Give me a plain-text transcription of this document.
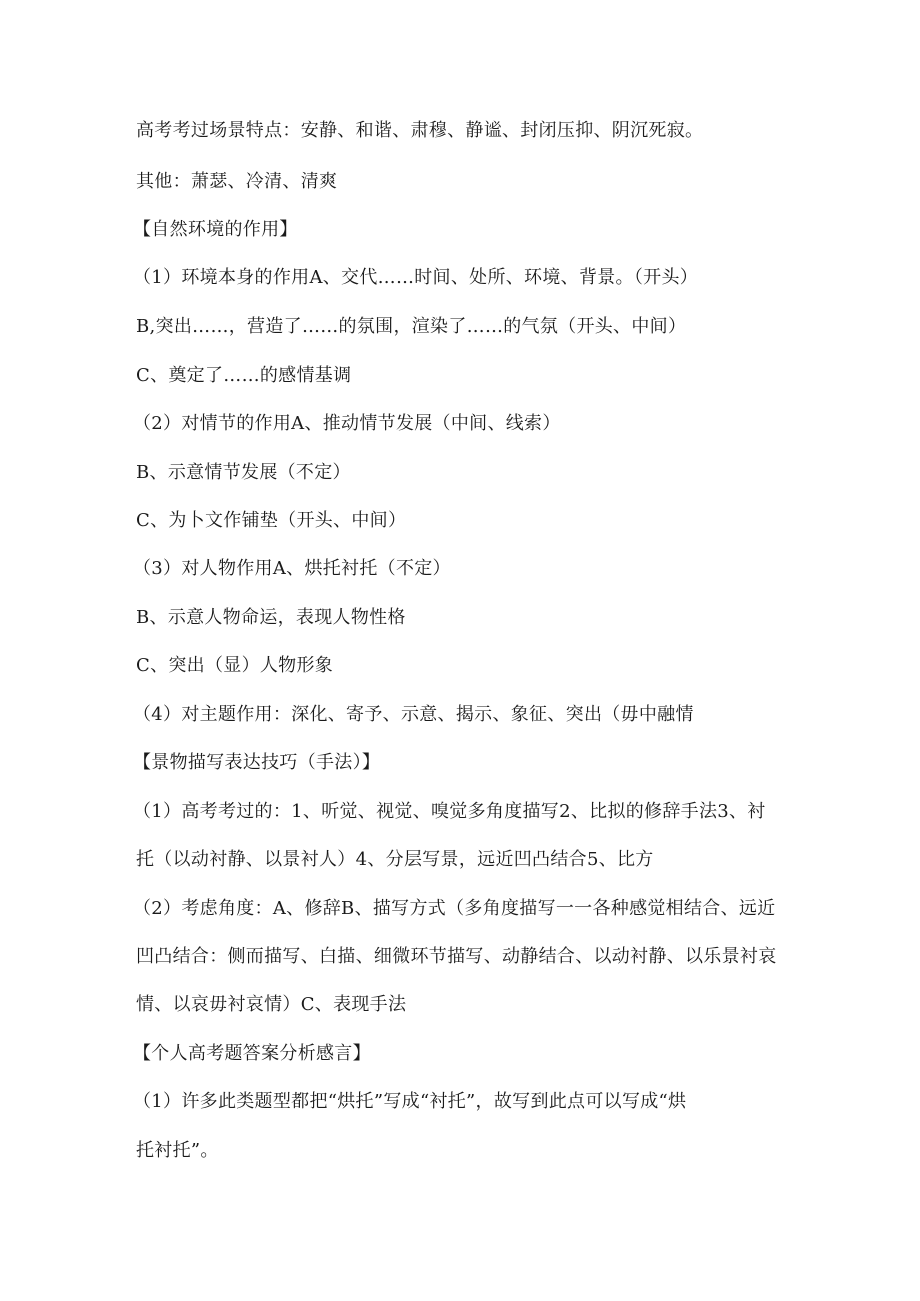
高考考过场景特点：安静、和谐、肃穆、静谧、封闭压抑、阴沉死寂。
其他：萧瑟、冷清、清爽
【自然环境的作用】
（1）环境本身的作用A、交代……时间、处所、环境、背景。（开头）
B,突出……，营造了……的氛围，渲染了……的气氛（开头、中间）
C、奠定了……的感情基调
（2）对情节的作用A、推动情节发展（中间、线索）
B、示意情节发展（不定）
C、为卜文作铺垫（开头、中间）
（3）对人物作用A、烘托衬托（不定）
B、示意人物命运，表现人物性格
C、突出（显）人物形象
（4）对主题作用：深化、寄予、示意、揭示、象征、突出（毋中融情
【景物描写表达技巧（手法）】
（1）高考考过的：1、听觉、视觉、嗅觉多角度描写2、比拟的修辞手法3、衬
托（以动衬静、以景衬人）4、分层写景，远近凹凸结合5、比方
（2）考虑角度：A、修辞B、描写方式（多角度描写一一各种感觉相结合、远近
凹凸结合：侧而描写、白描、细微环节描写、动静结合、以动衬静、以乐景衬哀
情、以哀毋衬哀情）C、表现手法
【个人高考题答案分析感言】
（1）许多此类题型都把“烘托”写成“衬托”，故写到此点可以写成“烘
托衬托”。
